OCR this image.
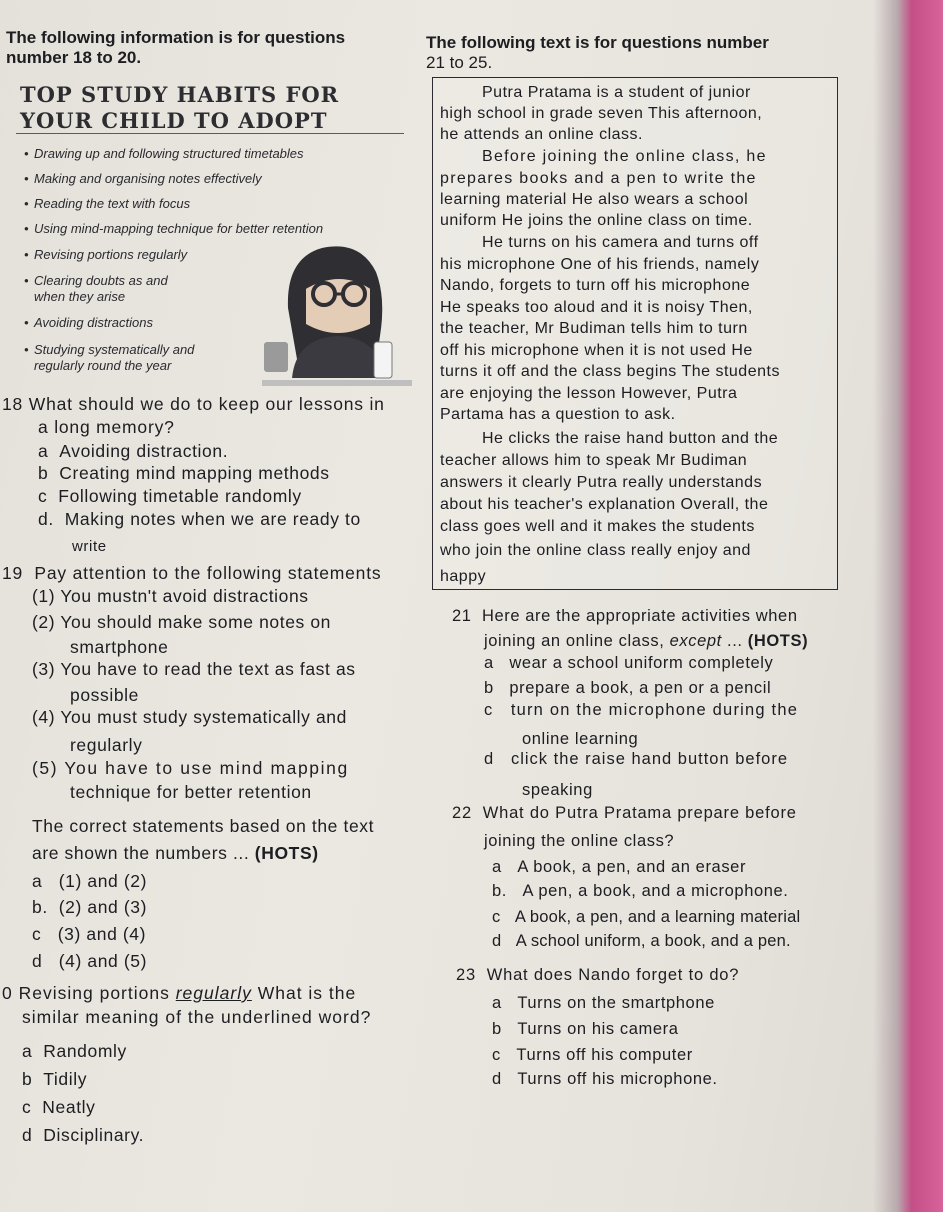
The following information is for questions
number 18 to 20.
TOP STUDY HABITS FOR
YOUR CHILD TO ADOPT
• Drawing up and following structured timetables
• Making and organising notes effectively
• Reading the text with focus
• Using mind-mapping technique for better retention
• Revising portions regularly
• Clearing doubts as and
when they arise
• Avoiding distractions
• Studying systematically and
regularly round the year
18 What should we do to keep our lessons in
a long memory?
a Avoiding distraction.
b Creating mind mapping methods
c Following timetable randomly
d. Making notes when we are ready to
write
19 Pay attention to the following statements
(1) You mustn't avoid distractions
(2) You should make some notes on
smartphone
(3) You have to read the text as fast as
possible
(4) You must study systematically and
regularly
(5) You have to use mind mapping
technique for better retention
The correct statements based on the text
are shown the numbers ... (HOTS)
a (1) and (2)
b. (2) and (3)
c (3) and (4)
d (4) and (5)
0 Revising portions regularly What is the
similar meaning of the underlined word?
a Randomly
b Tidily
c Neatly
d Disciplinary.
The following text is for questions number
21 to 25.

Putra Pratama is a student of junior

high school in grade seven This afternoon,

he attends an online class.

Before joining the online class, he

prepares books and a pen to write the

learning material He also wears a school

uniform He joins the online class on time.

He turns on his camera and turns off

his microphone One of his friends, namely

Nando, forgets to turn off his microphone

He speaks too aloud and it is noisy Then,

the teacher, Mr Budiman tells him to turn

off his microphone when it is not used He

turns it off and the class begins The students

are enjoying the lesson However, Putra

Partama has a question to ask.

He clicks the raise hand button and the

teacher allows him to speak Mr Budiman

answers it clearly Putra really understands

about his teacher's explanation Overall, the

class goes well and it makes the students

who join the online class really enjoy and

happy

21 Here are the appropriate activities when
joining an online class, except ... (HOTS)
a wear a school uniform completely
b prepare a book, a pen or a pencil
c turn on the microphone during the
online learning
d click the raise hand button before
speaking
22 What do Putra Pratama prepare before
joining the online class?
a A book, a pen, and an eraser
b. A pen, a book, and a microphone.
c A book, a pen, and a learning material
d A school uniform, a book, and a pen.
23 What does Nando forget to do?
a Turns on the smartphone
b Turns on his camera
c Turns off his computer
d Turns off his microphone.
